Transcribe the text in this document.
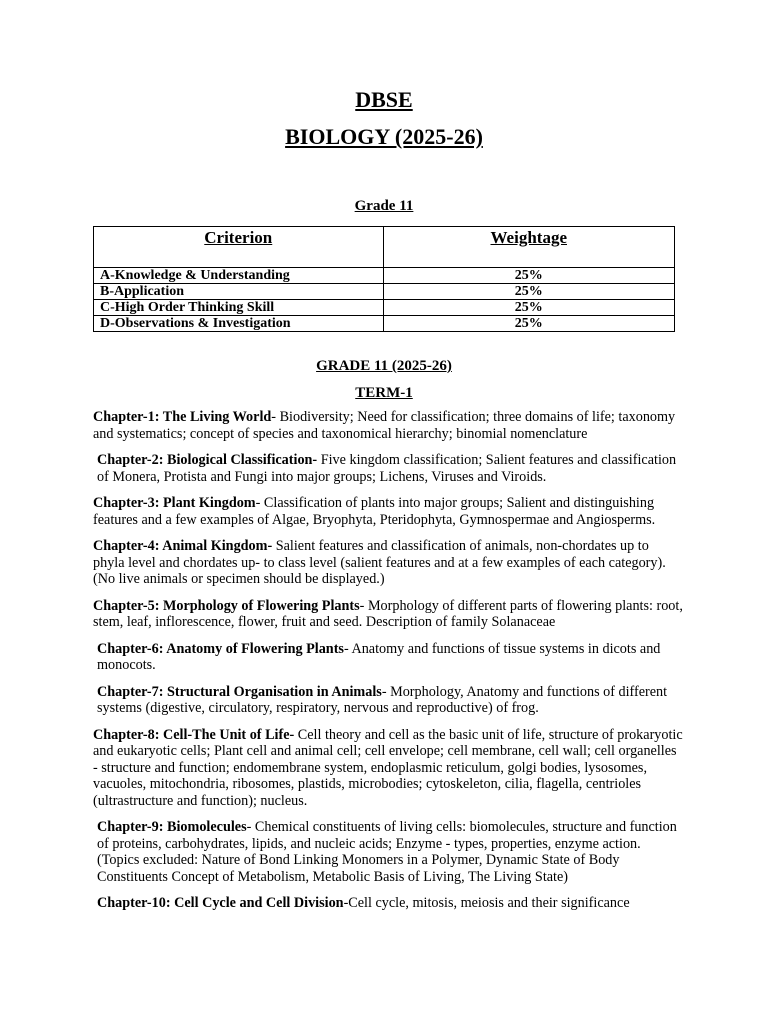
DBSE
BIOLOGY (2025-26)
Grade 11
Criterion	Weightage
A-Knowledge & Understanding	25%
B-Application	25%
C-High Order Thinking Skill	25%
D-Observations & Investigation	25%
GRADE 11 (2025-26)
TERM-1

Chapter-1: The Living World- Biodiversity; Need for classification; three domains of life; taxonomy and systematics; concept of species and taxonomical hierarchy; binomial nomenclature

Chapter-2: Biological Classification- Five kingdom classification; Salient features and classification of Monera, Protista and Fungi into major groups; Lichens, Viruses and Viroids.

Chapter-3: Plant Kingdom- Classification of plants into major groups; Salient and distinguishing features and a few examples of Algae, Bryophyta, Pteridophyta, Gymnospermae and Angiosperms.

Chapter-4: Animal Kingdom- Salient features and classification of animals, non-chordates up to phyla level and chordates up- to class level (salient features and at a few examples of each category). (No live animals or specimen should be displayed.)

Chapter-5: Morphology of Flowering Plants- Morphology of different parts of flowering plants: root, stem, leaf, inflorescence, flower, fruit and seed. Description of family Solanaceae

Chapter-6: Anatomy of Flowering Plants- Anatomy and functions of tissue systems in dicots and monocots.

Chapter-7: Structural Organisation in Animals- Morphology, Anatomy and functions of different systems (digestive, circulatory, respiratory, nervous and reproductive) of frog.

Chapter-8: Cell-The Unit of Life- Cell theory and cell as the basic unit of life, structure of prokaryotic and eukaryotic cells; Plant cell and animal cell; cell envelope; cell membrane, cell wall; cell organelles - structure and function; endomembrane system, endoplasmic reticulum, golgi bodies, lysosomes, vacuoles, mitochondria, ribosomes, plastids, microbodies; cytoskeleton, cilia, flagella, centrioles (ultrastructure and function); nucleus.

Chapter-9: Biomolecules- Chemical constituents of living cells: biomolecules, structure and function of proteins, carbohydrates, lipids, and nucleic acids; Enzyme - types, properties, enzyme action. (Topics excluded: Nature of Bond Linking Monomers in a Polymer, Dynamic State of Body Constituents Concept of Metabolism, Metabolic Basis of Living, The Living State)

Chapter-10: Cell Cycle and Cell Division-Cell cycle, mitosis, meiosis and their significance
